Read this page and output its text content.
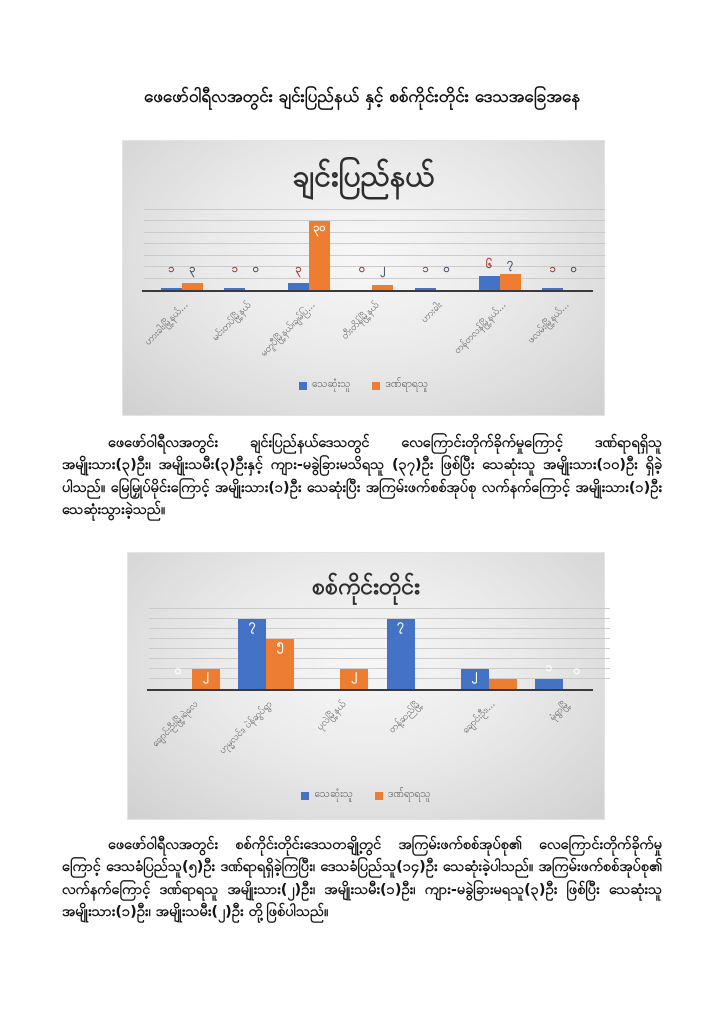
ဖေဖော်ဝါရီလအတွင်း ချင်းပြည်နယ် နှင့် စစ်ကိုင်းတိုင်း ဒေသအခြေအနေ
ချင်းပြည်နယ်
၁	၃	၁	၀	၃
၃၀
၀	၂	၁	၀	၆	၇	၁	၀
ဟားခါးမြို့နယ်...	မင်းတပ်မြို့နယ် မတူပီမြို့နယ်၊ချမ်ပြ...	တီးတိန်မြို့နယ်	ဟားခါး တန်တလန်မြို့နယ်...	ဖလမ်းမြို့နယ်...
သေဆုံးသူ	ဒဏ်ရာရသူ

ဖေဖော်ဝါရီလအတွင်း ချင်းပြည်နယ်ဒေသတွင် လေကြောင်းတိုက်ခိုက်မှုကြောင့် ဒဏ်ရာရရှိသူ အမျိုးသား(၃)ဦး၊ အမျိုးသမီး(၃)ဦးနှင့် ကျား-မခွဲခြားမသိရသူ (၃၇)ဦး ဖြစ်ပြီး သေဆုံးသူ အမျိုးသား(၁၀)ဦး ရှိခဲ့ပါသည်။ မြေမြှုပ်မိုင်းကြောင့် အမျိုးသား(၁)ဦး သေဆုံးပြီး အကြမ်းဖက်စစ်အုပ်စု လက်နက်ကြောင့် အမျိုးသား(၁)ဦး သေဆုံးသွားခဲ့သည်။

စစ်ကိုင်းတိုင်း
၀	၂
၇
၅
၂
၇
၂	၁	၀
ချောင်းဦးမြို့၊ရဲလေ	ဟုမ္မလင်း၊ ပဲန်ဆွပ်ရွာ	ပုလဲမြို့နယ်	တန့်ဆည်မြို့	ချောင်းဦး၊...	မုံရွာမြို့
သေဆုံးသူ	ဒဏ်ရာရသူ

ဖေဖော်ဝါရီလအတွင်း စစ်ကိုင်းတိုင်းဒေသတချို့တွင် အကြမ်းဖက်စစ်အုပ်စု၏ လေကြောင်းတိုက်ခိုက်မှုကြောင့် ဒေသခံပြည်သူ(၅)ဦး ဒဏ်ရာရရှိခဲ့ကြပြီး၊ ဒေသခံပြည်သူ(၁၄)ဦး သေဆုံးခဲ့ပါသည်။ အကြမ်းဖက်စစ်အုပ်စု၏ လက်နက်ကြောင့် ဒဏ်ရာရသူ အမျိုးသား(၂)ဦး၊ အမျိုးသမီး(၁)ဦး၊ ကျား-မခွဲခြားမရသူ(၃)ဦး ဖြစ်ပြီး သေဆုံးသူ အမျိုးသား(၁)ဦး၊ အမျိုးသမီး(၂)ဦး တို့ဖြစ်ပါသည်။
